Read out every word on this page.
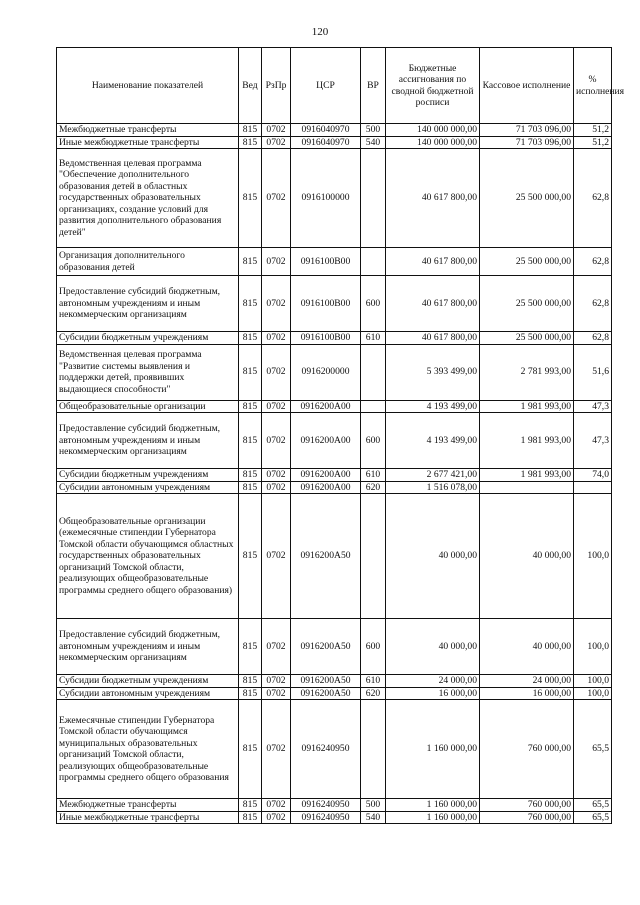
120
Наименование показателей	Вед	РзПр	ЦСР	ВР	Бюджетные ассигнования по сводной бюджетной росписи	Кассовое исполнение	% исполнения
Межбюджетные трансферты	815	0702	0916040970	500	140 000 000,00	71 703 096,00	51,2
Иные межбюджетные трансферты	815	0702	0916040970	540	140 000 000,00	71 703 096,00	51,2
Ведомственная целевая программа "Обеспечение дополнительного образования детей в областных государственных образовательных организациях, создание условий для развития дополнительного образования детей"	815	0702	0916100000		40 617 800,00	25 500 000,00	62,8
Организация дополнительного образования детей	815	0702	0916100В00		40 617 800,00	25 500 000,00	62,8
Предоставление субсидий бюджетным, автономным учреждениям и иным некоммерческим организациям	815	0702	0916100В00	600	40 617 800,00	25 500 000,00	62,8
Субсидии бюджетным учреждениям	815	0702	0916100В00	610	40 617 800,00	25 500 000,00	62,8
Ведомственная целевая программа "Развитие системы выявления и поддержки детей, проявивших выдающиеся способности"	815	0702	0916200000		5 393 499,00	2 781 993,00	51,6
Общеобразовательные организации	815	0702	0916200А00		4 193 499,00	1 981 993,00	47,3
Предоставление субсидий бюджетным, автономным учреждениям и иным некоммерческим организациям	815	0702	0916200А00	600	4 193 499,00	1 981 993,00	47,3
Субсидии бюджетным учреждениям	815	0702	0916200А00	610	2 677 421,00	1 981 993,00	74,0
Субсидии автономным учреждениям	815	0702	0916200А00	620	1 516 078,00		
Общеобразовательные организации (ежемесячные стипендии Губернатора Томской области обучающимся областных государственных образовательных организаций Томской области, реализующих общеобразовательные программы среднего общего образования)	815	0702	0916200А50		40 000,00	40 000,00	100,0
Предоставление субсидий бюджетным, автономным учреждениям и иным некоммерческим организациям	815	0702	0916200А50	600	40 000,00	40 000,00	100,0
Субсидии бюджетным учреждениям	815	0702	0916200А50	610	24 000,00	24 000,00	100,0
Субсидии автономным учреждениям	815	0702	0916200А50	620	16 000,00	16 000,00	100,0
Ежемесячные стипендии Губернатора Томской области обучающимся муниципальных образовательных организаций Томской области, реализующих общеобразовательные программы среднего общего образования	815	0702	0916240950		1 160 000,00	760 000,00	65,5
Межбюджетные трансферты	815	0702	0916240950	500	1 160 000,00	760 000,00	65,5
Иные межбюджетные трансферты	815	0702	0916240950	540	1 160 000,00	760 000,00	65,5
